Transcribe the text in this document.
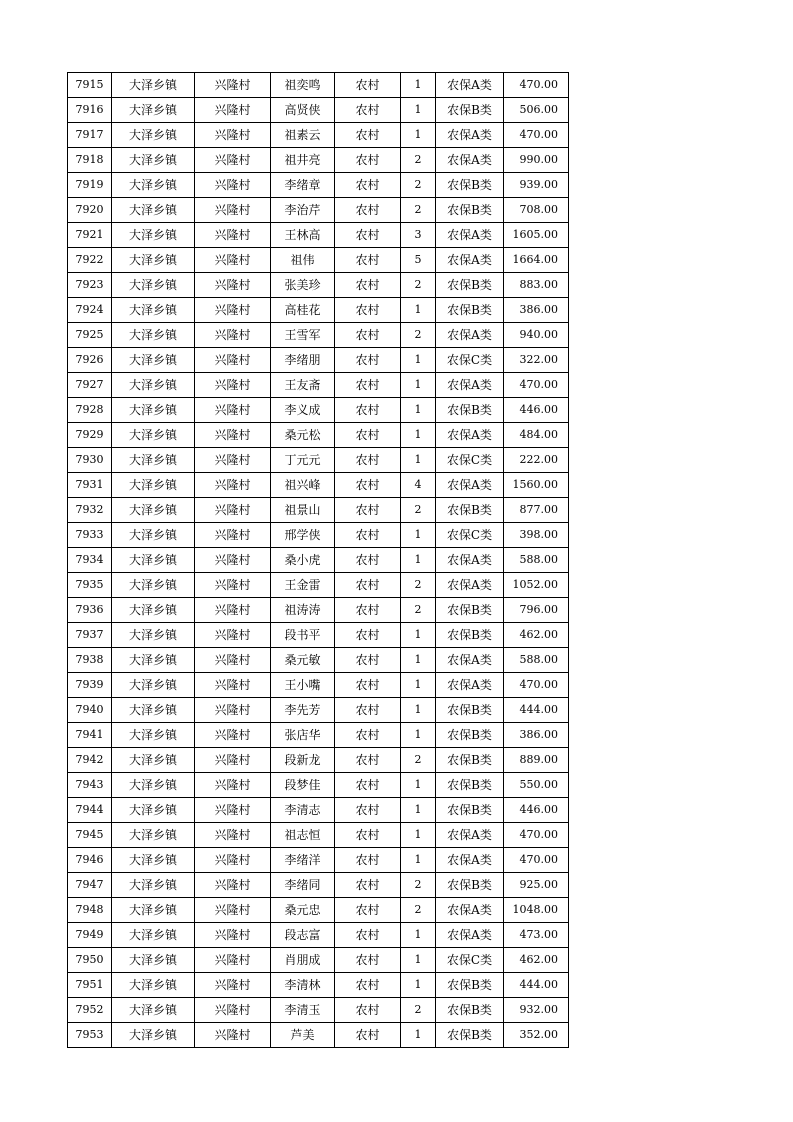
7915	大泽乡镇	兴隆村	祖奕鸣	农村	1	农保A类	470.00
7916	大泽乡镇	兴隆村	高贤侠	农村	1	农保B类	506.00
7917	大泽乡镇	兴隆村	祖素云	农村	1	农保A类	470.00
7918	大泽乡镇	兴隆村	祖井亮	农村	2	农保A类	990.00
7919	大泽乡镇	兴隆村	李绪章	农村	2	农保B类	939.00
7920	大泽乡镇	兴隆村	李治芹	农村	2	农保B类	708.00
7921	大泽乡镇	兴隆村	王林高	农村	3	农保A类	1605.00
7922	大泽乡镇	兴隆村	祖伟	农村	5	农保A类	1664.00
7923	大泽乡镇	兴隆村	张美珍	农村	2	农保B类	883.00
7924	大泽乡镇	兴隆村	高桂花	农村	1	农保B类	386.00
7925	大泽乡镇	兴隆村	王雪军	农村	2	农保A类	940.00
7926	大泽乡镇	兴隆村	李绪朋	农村	1	农保C类	322.00
7927	大泽乡镇	兴隆村	王友斋	农村	1	农保A类	470.00
7928	大泽乡镇	兴隆村	李义成	农村	1	农保B类	446.00
7929	大泽乡镇	兴隆村	桑元松	农村	1	农保A类	484.00
7930	大泽乡镇	兴隆村	丁元元	农村	1	农保C类	222.00
7931	大泽乡镇	兴隆村	祖兴峰	农村	4	农保A类	1560.00
7932	大泽乡镇	兴隆村	祖景山	农村	2	农保B类	877.00
7933	大泽乡镇	兴隆村	邢学侠	农村	1	农保C类	398.00
7934	大泽乡镇	兴隆村	桑小虎	农村	1	农保A类	588.00
7935	大泽乡镇	兴隆村	王金雷	农村	2	农保A类	1052.00
7936	大泽乡镇	兴隆村	祖涛涛	农村	2	农保B类	796.00
7937	大泽乡镇	兴隆村	段书平	农村	1	农保B类	462.00
7938	大泽乡镇	兴隆村	桑元敏	农村	1	农保A类	588.00
7939	大泽乡镇	兴隆村	王小嘴	农村	1	农保A类	470.00
7940	大泽乡镇	兴隆村	李先芳	农村	1	农保B类	444.00
7941	大泽乡镇	兴隆村	张店华	农村	1	农保B类	386.00
7942	大泽乡镇	兴隆村	段新龙	农村	2	农保B类	889.00
7943	大泽乡镇	兴隆村	段梦佳	农村	1	农保B类	550.00
7944	大泽乡镇	兴隆村	李清志	农村	1	农保B类	446.00
7945	大泽乡镇	兴隆村	祖志恒	农村	1	农保A类	470.00
7946	大泽乡镇	兴隆村	李绪洋	农村	1	农保A类	470.00
7947	大泽乡镇	兴隆村	李绪同	农村	2	农保B类	925.00
7948	大泽乡镇	兴隆村	桑元忠	农村	2	农保A类	1048.00
7949	大泽乡镇	兴隆村	段志富	农村	1	农保A类	473.00
7950	大泽乡镇	兴隆村	肖朋成	农村	1	农保C类	462.00
7951	大泽乡镇	兴隆村	李清林	农村	1	农保B类	444.00
7952	大泽乡镇	兴隆村	李清玉	农村	2	农保B类	932.00
7953	大泽乡镇	兴隆村	芦美	农村	1	农保B类	352.00
